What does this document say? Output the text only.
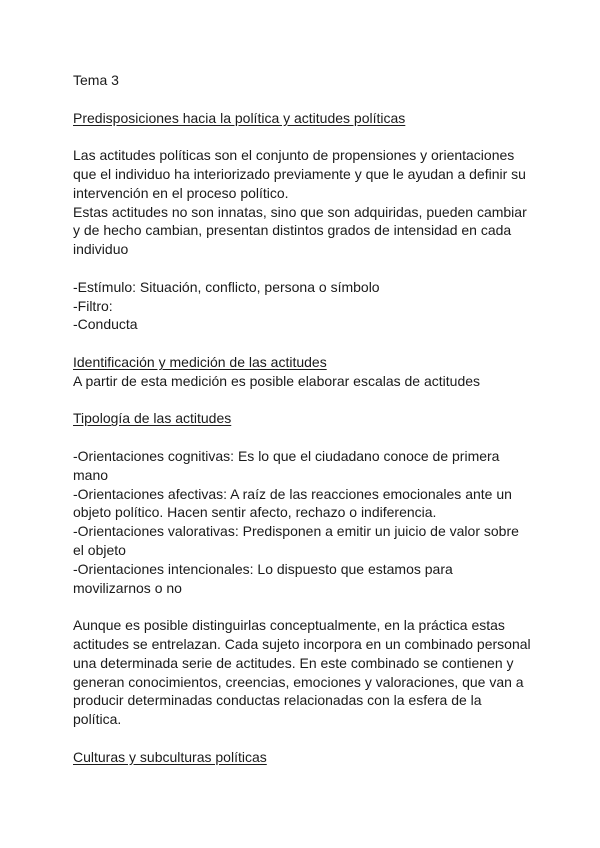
Tema 3

Predisposiciones hacia la política y actitudes políticas

Las actitudes políticas son el conjunto de propensiones y orientaciones que el individuo ha interiorizado previamente y que le ayudan a definir su intervención en el proceso político.

Estas actitudes no son innatas, sino que son adquiridas, pueden cambiar y de hecho cambian, presentan distintos grados de intensidad en cada individuo

-Estímulo: Situación, conflicto, persona o símbolo

-Filtro:

-Conducta

Identificación y medición de las actitudes

A partir de esta medición es posible elaborar escalas de actitudes

Tipología de las actitudes

-Orientaciones cognitivas: Es lo que el ciudadano conoce de primera mano

-Orientaciones afectivas: A raíz de las reacciones emocionales ante un objeto político. Hacen sentir afecto, rechazo o indiferencia.

-Orientaciones valorativas: Predisponen a emitir un juicio de valor sobre el objeto

-Orientaciones intencionales: Lo dispuesto que estamos para movilizarnos o no

Aunque es posible distinguirlas conceptualmente, en la práctica estas actitudes se entrelazan. Cada sujeto incorpora en un combinado personal una determinada serie de actitudes. En este combinado se contienen y generan conocimientos, creencias, emociones y valoraciones, que van a producir determinadas conductas relacionadas con la esfera de la política.

Culturas y subculturas políticas
